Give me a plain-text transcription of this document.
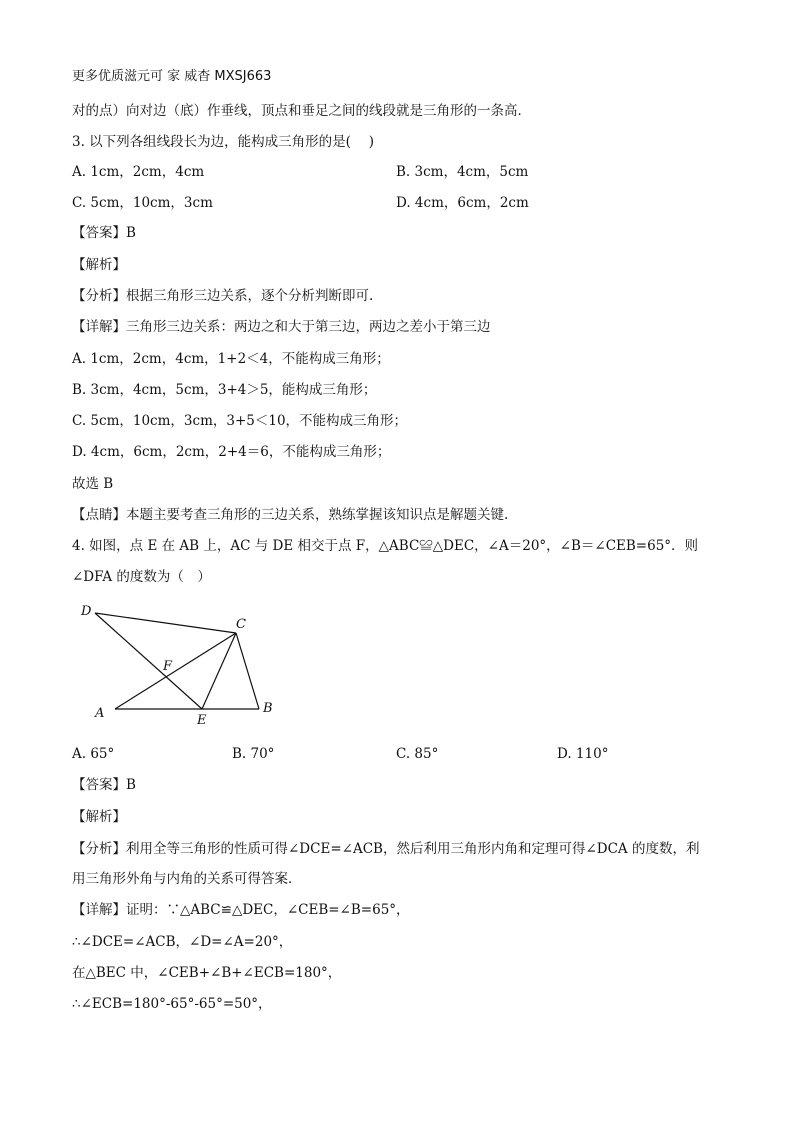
更多优质滋元可 家 威杳 MXSJ663
对的点）向对边（底）作垂线，顶点和垂足之间的线段就是三角形的一条高．
3. 以下列各组线段长为边，能构成三角形的是(　 )
A. 1cm，2cm，4cm	B. 3cm，4cm，5cm
C. 5cm，10cm，3cm	D. 4cm，6cm，2cm
【答案】B
【解析】
【分析】根据三角形三边关系，逐个分析判断即可.
【详解】三角形三边关系：两边之和大于第三边，两边之差小于第三边
A. 1cm，2cm，4cm，1+2＜4，不能构成三角形；
B. 3cm，4cm，5cm，3+4＞5，能构成三角形；
C. 5cm，10cm，3cm，3+5＜10，不能构成三角形；
D. 4cm，6cm，2cm，2+4＝6，不能构成三角形；
故选 B
【点睛】本题主要考查三角形的三边关系，熟练掌握该知识点是解题关键.
4. 如图，点 E 在 AB 上，AC 与 DE 相交于点 F，△ABC≌△DEC，∠A＝20°，∠B＝∠CEB=65°．则
∠DFA 的度数为（　）
D
C
F
A	E
B
A. 65°	B. 70°	C. 85°	D. 110°
【答案】B
【解析】
【分析】利用全等三角形的性质可得∠DCE=∠ACB，然后利用三角形内角和定理可得∠DCA 的度数，利
用三角形外角与内角的关系可得答案．
【详解】证明：∵△ABC≌△DEC，∠CEB=∠B=65°，
∴∠DCE=∠ACB，∠D=∠A=20°，
在△BEC 中，∠CEB+∠B+∠ECB=180°，
∴∠ECB=180°-65°-65°=50°，
